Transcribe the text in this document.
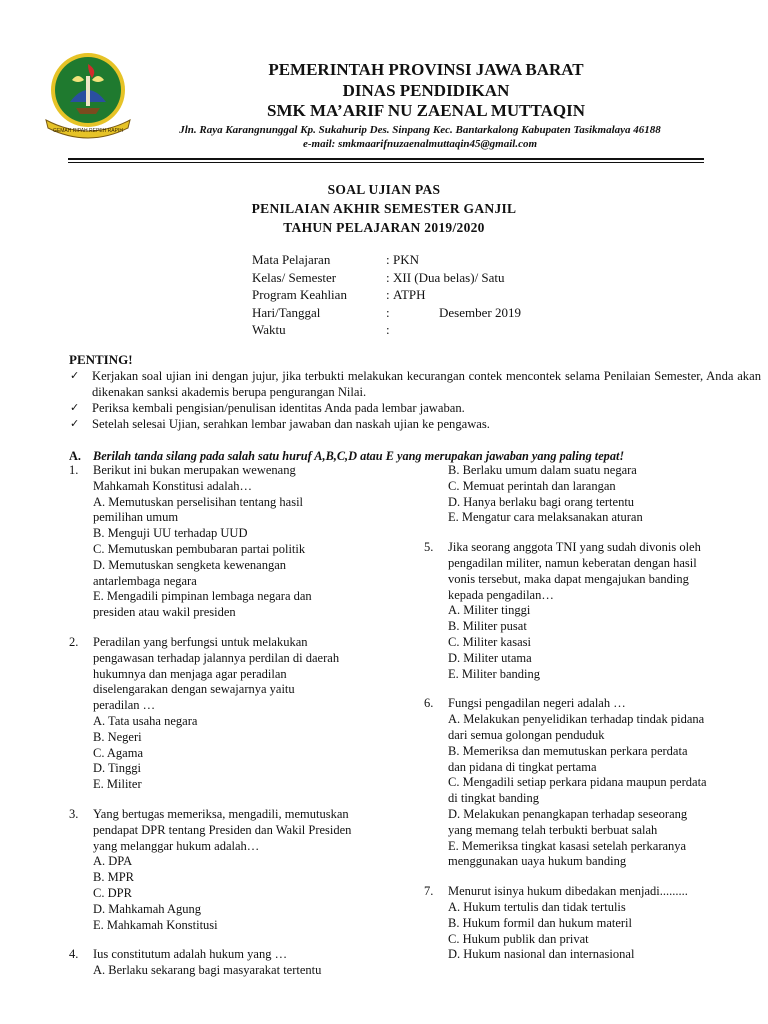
GEMAH RIPAH REPEH RAPIH
PEMERINTAH PROVINSI JAWA BARAT
DINAS PENDIDIKAN
SMK MA’ARIF NU ZAENAL MUTTAQIN
Jln. Raya Karangnunggal Kp. Sukahurip Des. Sinpang Kec. Bantarkalong Kabupaten Tasikmalaya 46188
e-mail: smkmaarifnuzaenalmuttaqin45@gmail.com
SOAL UJIAN PAS
PENILAIAN AKHIR SEMESTER GANJIL
TAHUN PELAJARAN 2019/2020
Mata Pelajaran	: PKN
Kelas/ Semester	: XII (Dua belas)/ Satu
Program Keahlian	: ATPH
Hari/Tanggal	:	Desember 2019
Waktu	:
PENTING!
✓ Kerjakan soal ujian ini dengan jujur, jika terbukti melakukan kecurangan contek mencontek selama Penilaian Semester, Anda akan dikenakan sanksi akademis berupa pengurangan Nilai.
✓ Periksa kembali pengisian/penulisan identitas Anda pada lembar jawaban.
✓ Setelah selesai Ujian, serahkan lembar jawaban dan naskah ujian ke pengawas.
A. Berilah tanda silang pada salah satu huruf A,B,C,D atau E yang merupakan jawaban yang paling tepat!
1. Berikut ini bukan merupakan wewenang
Mahkamah Konstitusi adalah…
A. Memutuskan perselisihan tentang hasil
pemilihan umum
B. Menguji UU terhadap UUD
C. Memutuskan pembubaran partai politik
D. Memutuskan sengketa kewenangan
antarlembaga negara
E. Mengadili pimpinan lembaga negara dan
presiden atau wakil presiden
2. Peradilan yang berfungsi untuk melakukan
pengawasan terhadap jalannya perdilan di daerah
hukumnya dan menjaga agar peradilan
diselengarakan dengan sewajarnya yaitu
peradilan …
A. Tata usaha negara
B. Negeri
C. Agama
D. Tinggi
E. Militer
3. Yang bertugas memeriksa, mengadili, memutuskan
pendapat DPR tentang Presiden dan Wakil Presiden
yang melanggar hukum adalah…
A. DPA
B. MPR
C. DPR
D. Mahkamah Agung
E. Mahkamah Konstitusi
4. Ius constitutum adalah hukum yang …
A. Berlaku sekarang bagi masyarakat tertentu
B. Berlaku umum dalam suatu negara
C. Memuat perintah dan larangan
D. Hanya berlaku bagi orang tertentu
E. Mengatur cara melaksanakan aturan
5. Jika seorang anggota TNI yang sudah divonis oleh
pengadilan militer, namun keberatan dengan hasil
vonis tersebut, maka dapat mengajukan banding
kepada pengadilan…
A. Militer tinggi
B. Militer pusat
C. Militer kasasi
D. Militer utama
E. Militer banding
6. Fungsi pengadilan negeri adalah …
A. Melakukan penyelidikan terhadap tindak pidana
dari semua golongan penduduk
B. Memeriksa dan memutuskan perkara perdata
dan pidana di tingkat pertama
C. Mengadili setiap perkara pidana maupun perdata
di tingkat banding
D. Melakukan penangkapan terhadap seseorang
yang memang telah terbukti berbuat salah
E. Memeriksa tingkat kasasi setelah perkaranya
menggunakan uaya hukum banding
7. Menurut isinya hukum dibedakan menjadi.........
A. Hukum tertulis dan tidak tertulis
B. Hukum formil dan hukum materil
C. Hukum publik dan privat
D. Hukum nasional dan internasional
